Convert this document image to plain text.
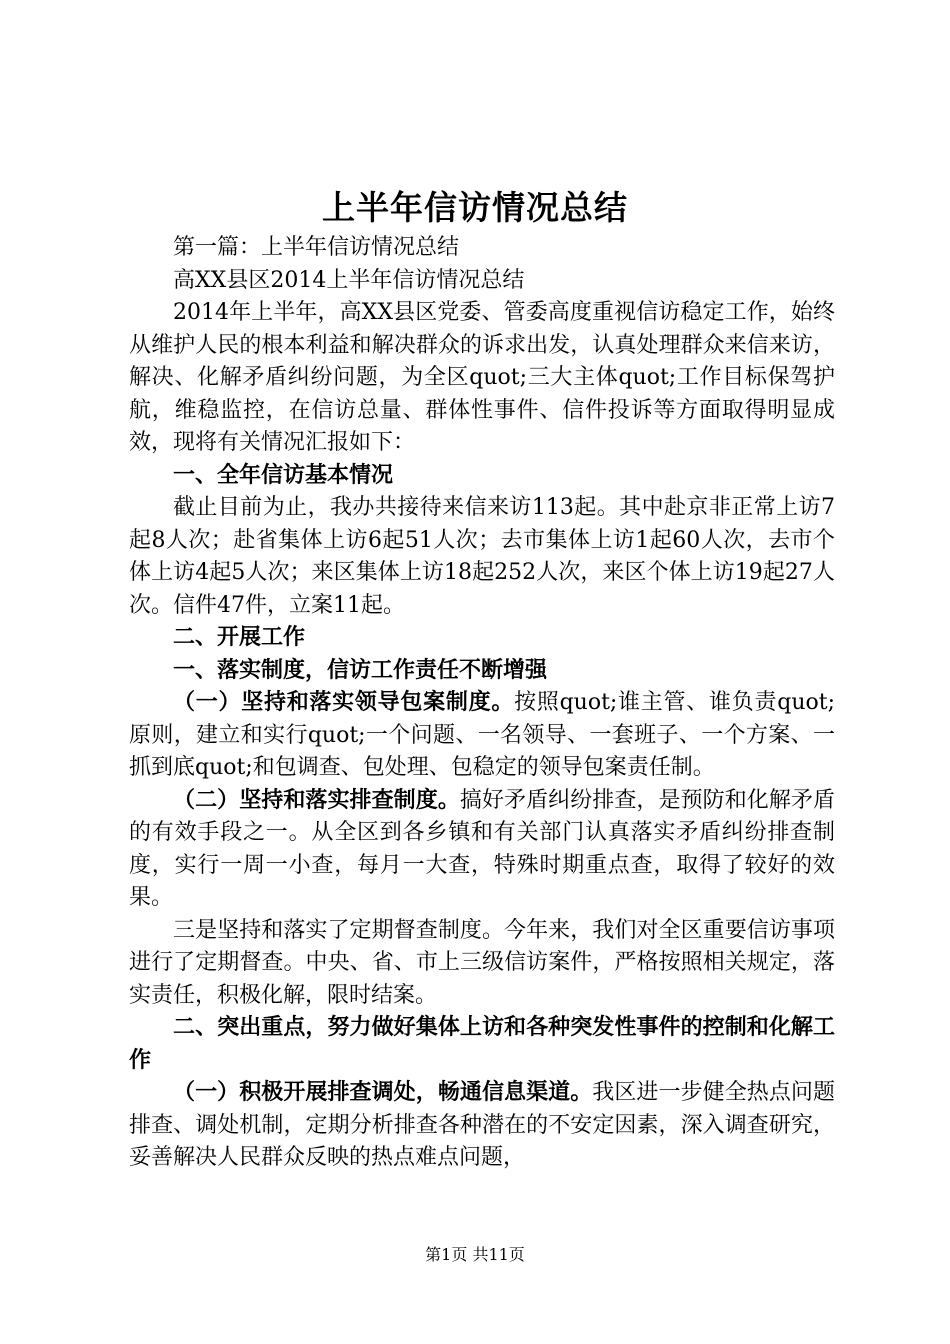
上半年信访情况总结

第一篇：上半年信访情况总结

高XX县区2014上半年信访情况总结

2014年上半年，高XX县区党委、管委高度重视信访稳定工作，始终从维护人民的根本利益和解决群众的诉求出发，认真处理群众来信来访，解决、化解矛盾纠纷问题，为全区quot;三大主体quot;工作目标保驾护航，维稳监控，在信访总量、群体性事件、信件投诉等方面取得明显成效，现将有关情况汇报如下：

一、全年信访基本情况

截止目前为止，我办共接待来信来访113起。其中赴京非正常上访7起8人次；赴省集体上访6起51人次；去市集体上访1起60人次，去市个体上访4起5人次；来区集体上访18起252人次，来区个体上访19起27人次。信件47件，立案11起。

二、开展工作

一、落实制度，信访工作责任不断增强

（一）坚持和落实领导包案制度。按照quot;谁主管、谁负责quot;原则，建立和实行quot;一个问题、一名领导、一套班子、一个方案、一抓到底quot;和包调查、包处理、包稳定的领导包案责任制。

（二）坚持和落实排查制度。搞好矛盾纠纷排查，是预防和化解矛盾的有效手段之一。从全区到各乡镇和有关部门认真落实矛盾纠纷排查制度，实行一周一小查，每月一大查，特殊时期重点查，取得了较好的效果。

三是坚持和落实了定期督查制度。今年来，我们对全区重要信访事项进行了定期督查。中央、省、市上三级信访案件，严格按照相关规定，落实责任，积极化解，限时结案。

二、突出重点，努力做好集体上访和各种突发性事件的控制和化解工作

（一）积极开展排查调处，畅通信息渠道。我区进一步健全热点问题排查、调处机制，定期分析排查各种潜在的不安定因素，深入调查研究，妥善解决人民群众反映的热点难点问题，

第1页 共11页
